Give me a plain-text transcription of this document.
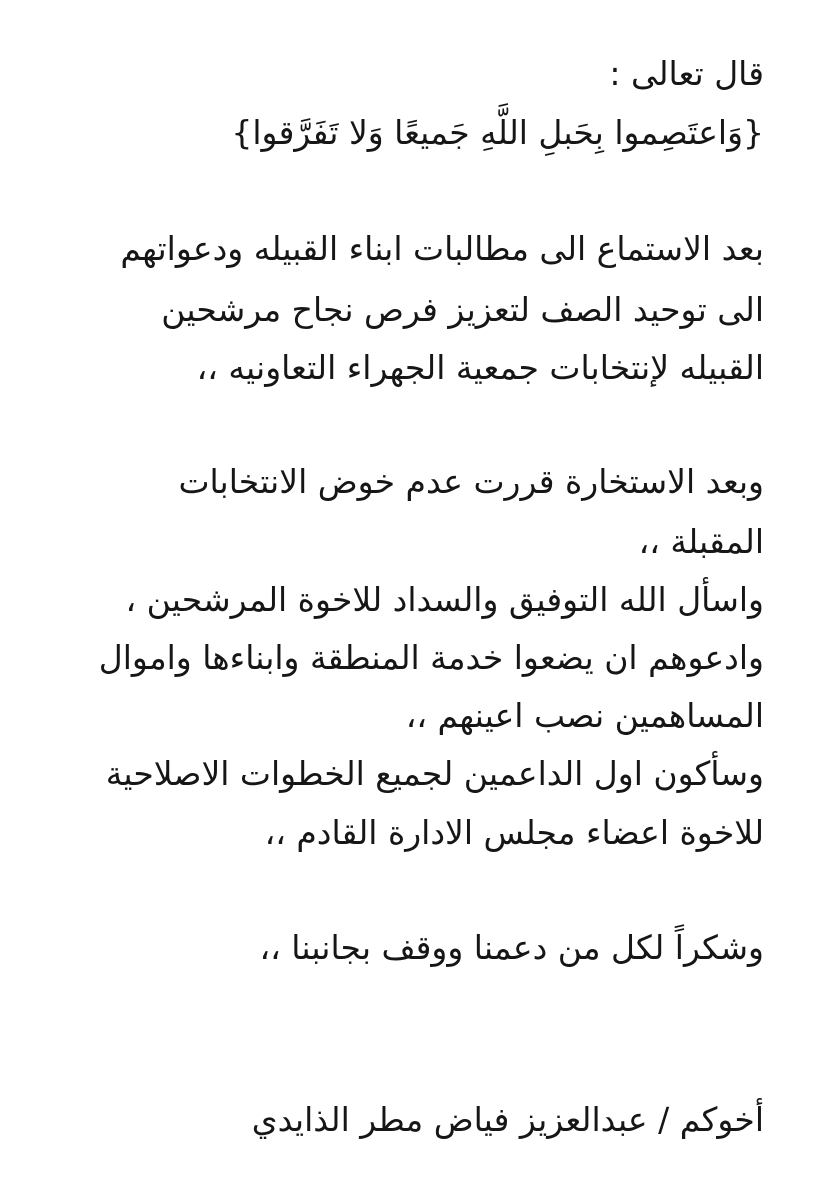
قال تعالى :
{وَاعتَصِموا بِحَبلِ اللَّهِ جَميعًا وَلا تَفَرَّقوا}
بعد الاستماع الى مطالبات ابناء القبيله ودعواتهم
الى توحيد الصف لتعزيز فرص نجاح مرشحين
القبيله لإنتخابات جمعية الجهراء التعاونيه ،،
وبعد الاستخارة قررت عدم خوض الانتخابات
المقبلة ،،
واسأل الله التوفيق والسداد للاخوة المرشحين ،
وادعوهم ان يضعوا خدمة المنطقة وابناءها واموال
المساهمين نصب اعينهم ،،
وسأكون اول الداعمين لجميع الخطوات الاصلاحية
للاخوة اعضاء مجلس الادارة القادم ،،
وشكراً لكل من دعمنا ووقف بجانبنا ،،
أخوكم / عبدالعزيز فياض مطر الذايدي
